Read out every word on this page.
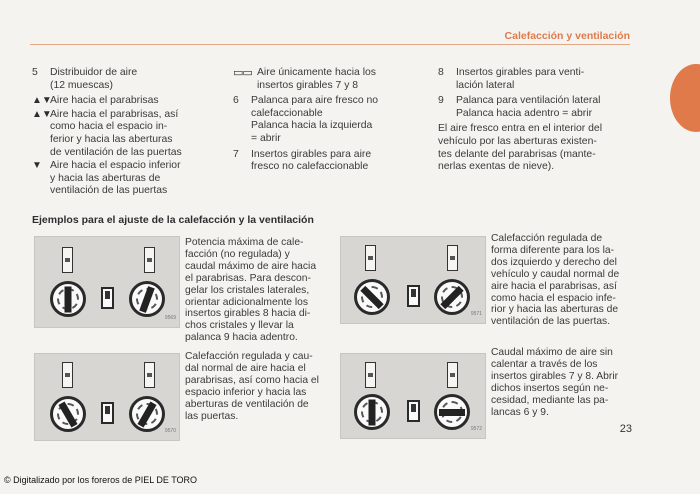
Calefacción y ventilación
5	Distribuidor de aire
(12 muescas)
▲▼
Aire hacia el parabrisas
▲▼
Aire hacia el parabrisas, así
como hacia el espacio in-
ferior y hacia las aberturas
de ventilación de las puertas
▼ Aire hacia el espacio inferior
y hacia las aberturas de
ventilación de las puertas
▭▭ Aire únicamente hacia los
insertos girables 7 y 8
6	Palanca para aire fresco no
calefaccionable
Palanca hacia la izquierda
= abrir
7	Insertos girables para aire
fresco no calefaccionable
8	Insertos girables para venti-
lación lateral
9	Palanca para ventilación lateral
Palanca hacia adentro = abrir
El aire fresco entra en el interior del
vehículo por las aberturas existen-
tes delante del parabrisas (mante-
nerlas exentas de nieve).
Ejemplos para el ajuste de la calefacción y la ventilación
9569
Potencia máxima de cale-
facción (no regulada) y
caudal máximo de aire hacia
el parabrisas. Para descon-
gelar los cristales laterales,
orientar adicionalmente los
insertos girables 8 hacia di-
chos cristales y llevar la
palanca 9 hacia adentro.
9571
Calefacción regulada de
forma diferente para los la-
dos izquierdo y derecho del
vehículo y caudal normal de
aire hacia el parabrisas, así
como hacia el espacio infe-
rior y hacia las aberturas de
ventilación de las puertas.
9570
Calefacción regulada y cau-
dal normal de aire hacia el
parabrisas, así como hacia el
espacio inferior y hacia las
aberturas de ventilación de
las puertas.
9572
Caudal máximo de aire sin
calentar a través de los
insertos girables 7 y 8. Abrir
dichos insertos según ne-
cesidad, mediante las pa-
lancas 6 y 9.
23
© Digitalizado por los foreros de PIEL DE TORO
